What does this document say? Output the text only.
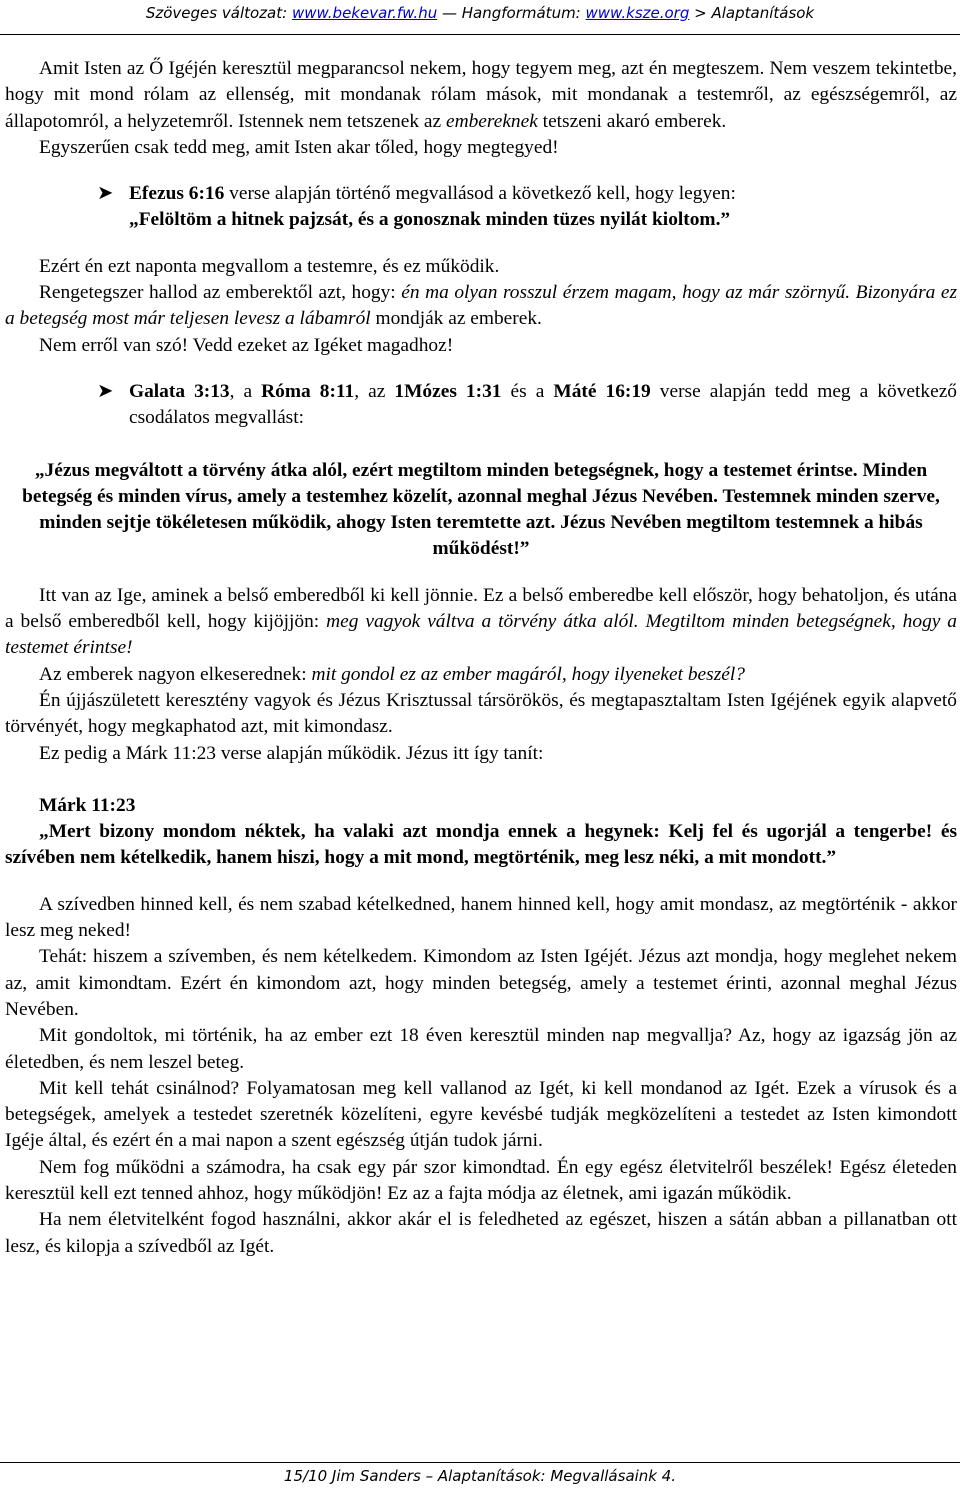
Szöveges változat: www.bekevar.fw.hu — Hangformátum: www.ksze.org > Alaptanítások

Amit Isten az Ő Igéjén keresztül megparancsol nekem, hogy tegyem meg, azt én megteszem. Nem veszem tekintetbe, hogy mit mond rólam az ellenség, mit mondanak rólam mások, mit mondanak a testemről, az egészségemről, az állapotomról, a helyzetemről. Istennek nem tetszenek az embereknek tetszeni akaró emberek.

Egyszerűen csak tedd meg, amit Isten akar tőled, hogy megtegyed!

➤ Efezus 6:16 verse alapján történő megvallásod a következő kell, hogy legyen:
„Felöltöm a hitnek pajzsát, és a gonosznak minden tüzes nyilát kioltom.”

Ezért én ezt naponta megvallom a testemre, és ez működik.

Rengetegszer hallod az emberektől azt, hogy: én ma olyan rosszul érzem magam, hogy az már szörnyű. Bizonyára ez a betegség most már teljesen levesz a lábamról mondják az emberek.

Nem erről van szó! Vedd ezeket az Igéket magadhoz!

➤ Galata 3:13, a Róma 8:11, az 1Mózes 1:31 és a Máté 16:19 verse alapján tedd meg a következő csodálatos megvallást:

„Jézus megváltott a törvény átka alól, ezért megtiltom minden betegségnek, hogy a testemet érintse. Minden betegség és minden vírus, amely a testemhez közelít, azonnal meghal Jézus Nevében. Testemnek minden szerve, minden sejtje tökéletesen működik, ahogy Isten teremtette azt. Jézus Nevében megtiltom testemnek a hibás működést!”

Itt van az Ige, aminek a belső emberedből ki kell jönnie. Ez a belső emberedbe kell először, hogy behatoljon, és utána a belső emberedből kell, hogy kijöjjön: meg vagyok váltva a törvény átka alól. Megtiltom minden betegségnek, hogy a testemet érintse!

Az emberek nagyon elkeserednek: mit gondol ez az ember magáról, hogy ilyeneket beszél?

Én újjászületett keresztény vagyok és Jézus Krisztussal társörökös, és megtapasztaltam Isten Igéjének egyik alapvető törvényét, hogy megkaphatod azt, mit kimondasz.

Ez pedig a Márk 11:23 verse alapján működik. Jézus itt így tanít:

Márk 11:23

„Mert bizony mondom néktek, ha valaki azt mondja ennek a hegynek: Kelj fel és ugorjál a tengerbe! és szívében nem kételkedik, hanem hiszi, hogy a mit mond, megtörténik, meg lesz néki, a mit mondott.”

A szívedben hinned kell, és nem szabad kételkedned, hanem hinned kell, hogy amit mondasz, az megtörténik - akkor lesz meg neked!

Tehát: hiszem a szívemben, és nem kételkedem. Kimondom az Isten Igéjét. Jézus azt mondja, hogy meglehet nekem az, amit kimondtam. Ezért én kimondom azt, hogy minden betegség, amely a testemet érinti, azonnal meghal Jézus Nevében.

Mit gondoltok, mi történik, ha az ember ezt 18 éven keresztül minden nap megvallja? Az, hogy az igazság jön az életedben, és nem leszel beteg.

Mit kell tehát csinálnod? Folyamatosan meg kell vallanod az Igét, ki kell mondanod az Igét. Ezek a vírusok és a betegségek, amelyek a testedet szeretnék közelíteni, egyre kevésbé tudják megközelíteni a testedet az Isten kimondott Igéje által, és ezért én a mai napon a szent egészség útján tudok járni.

Nem fog működni a számodra, ha csak egy pár szor kimondtad. Én egy egész életvitelről beszélek! Egész életeden keresztül kell ezt tenned ahhoz, hogy működjön! Ez az a fajta módja az életnek, ami igazán működik.

Ha nem életvitelként fogod használni, akkor akár el is feledheted az egészet, hiszen a sátán abban a pillanatban ott lesz, és kilopja a szívedből az Igét.

15/10 Jim Sanders – Alaptanítások: Megvallásaink 4.
